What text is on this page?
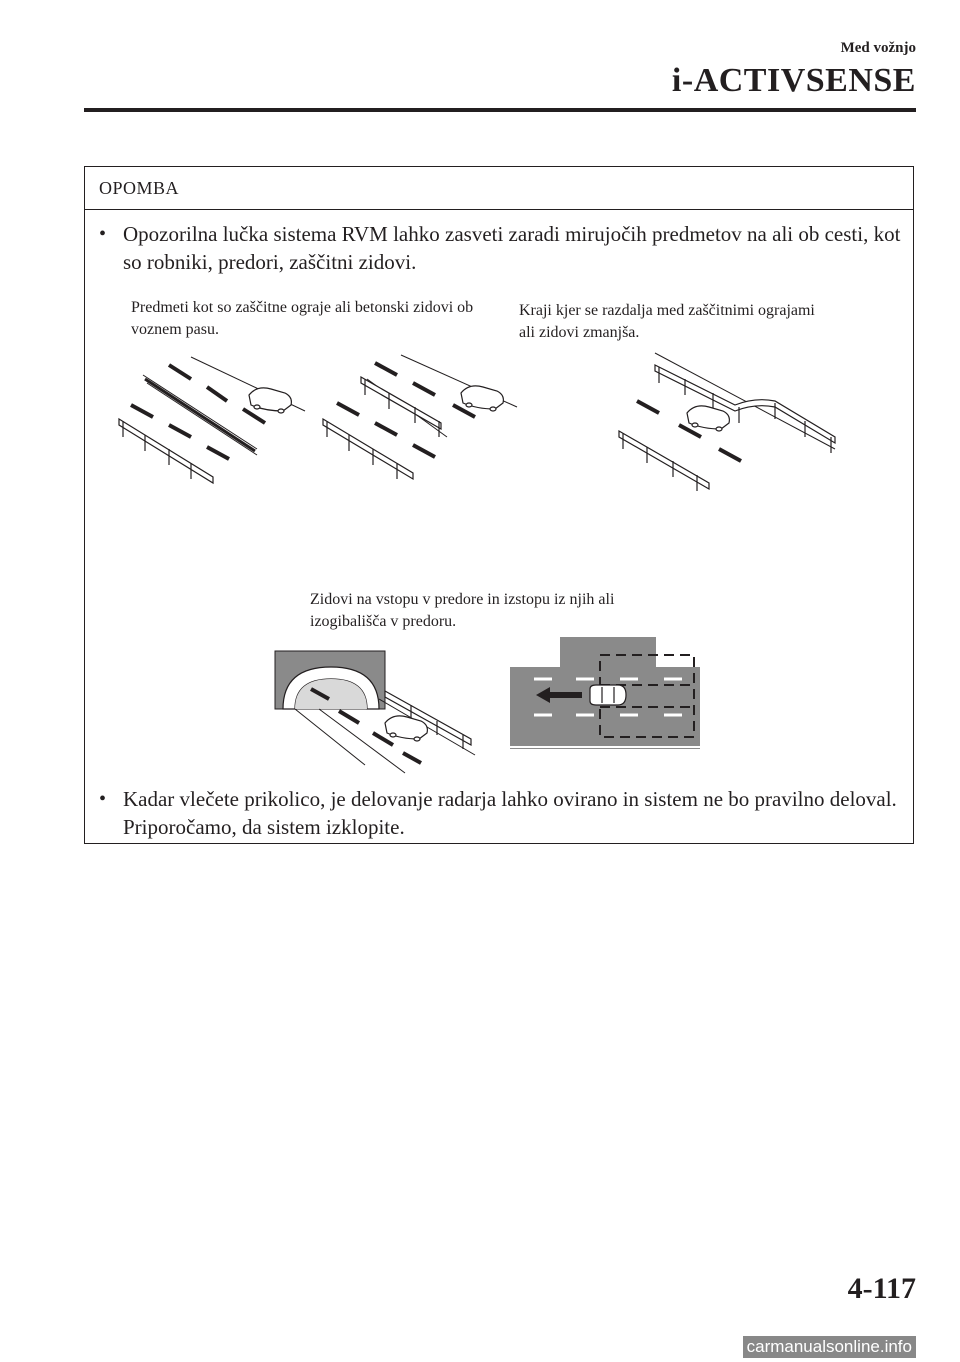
Med vožnjo
i-ACTIVSENSE
OPOMBA
• Opozorilna lučka sistema RVM lahko zasveti zaradi mirujočih predmetov na ali ob cesti, kot so robniki, predori, zaščitni zidovi.
Predmeti kot so zaščitne ograje ali betonski zidovi ob voznem pasu.
Kraji kjer se razdalja med zaščitnimi ograjami ali zidovi zmanjša.
Zidovi na vstopu v predore in izstopu iz njih ali izogibališča v predoru.
• Kadar vlečete prikolico, je delovanje radarja lahko ovirano in sistem ne bo pravilno deloval. Priporočamo, da sistem izklopite.
4-117
carmanualsonline.info
